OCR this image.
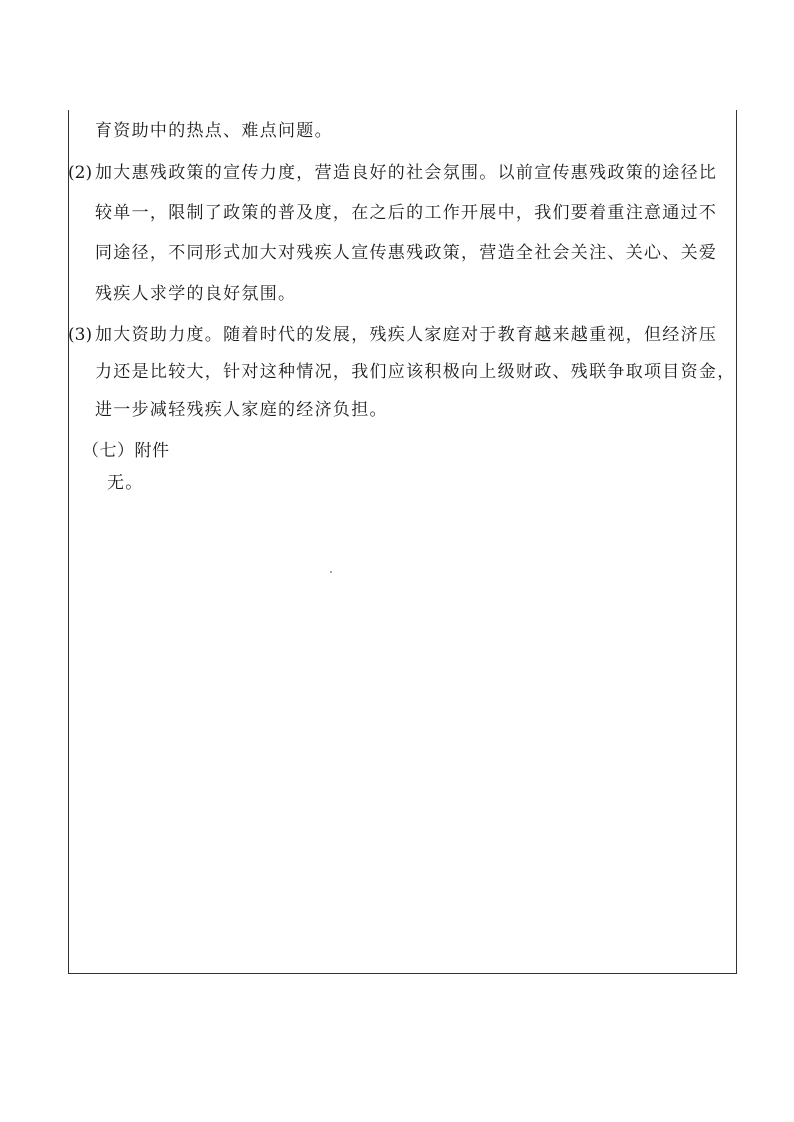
育资助中的热点、难点问题。
(2) 加大惠残政策的宣传力度，营造良好的社会氛围。以前宣传惠残政策的途径比
较单一，限制了政策的普及度，在之后的工作开展中，我们要着重注意通过不
同途径，不同形式加大对残疾人宣传惠残政策，营造全社会关注、关心、关爱
残疾人求学的良好氛围。
(3) 加大资助力度。随着时代的发展，残疾人家庭对于教育越来越重视，但经济压
力还是比较大，针对这种情况，我们应该积极向上级财政、残联争取项目资金，
进一步减轻残疾人家庭的经济负担。
（七）附件
无。
